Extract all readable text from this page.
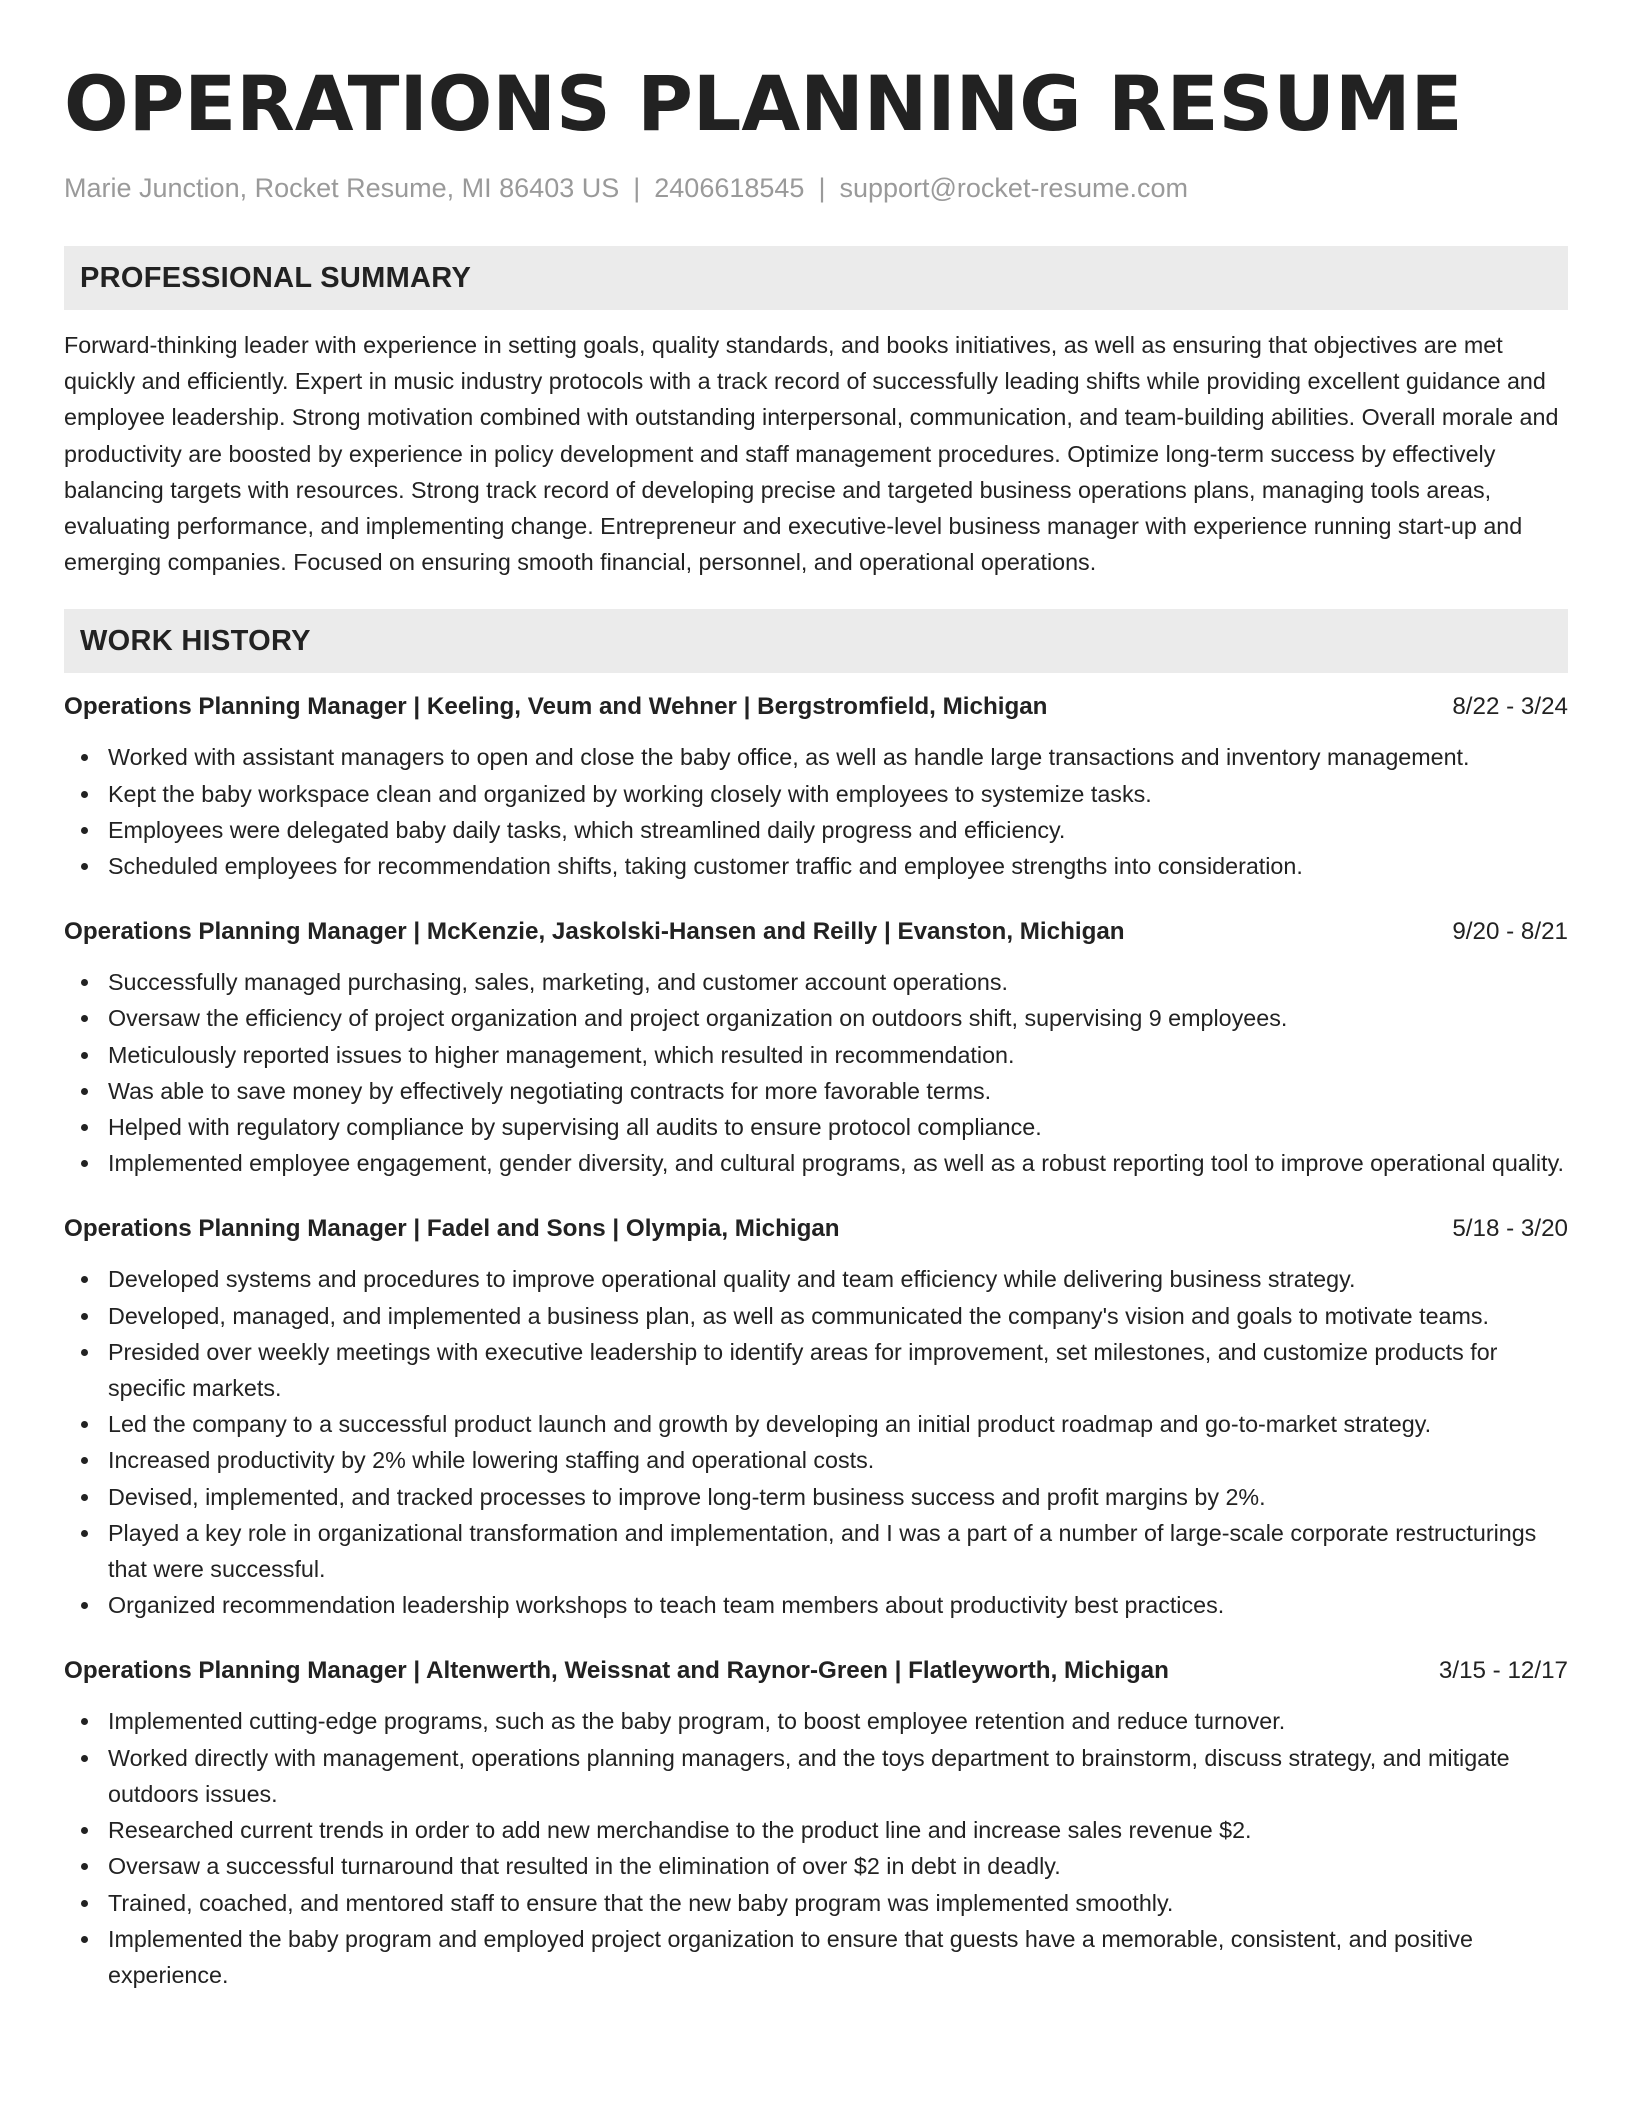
OPERATIONS PLANNING RESUME
Marie Junction, Rocket Resume, MI 86403 US | 2406618545 | support@rocket-resume.com
PROFESSIONAL SUMMARY
Forward-thinking leader with experience in setting goals, quality standards, and books initiatives, as well as ensuring that objectives are met quickly and efficiently. Expert in music industry protocols with a track record of successfully leading shifts while providing excellent guidance and employee leadership. Strong motivation combined with outstanding interpersonal, communication, and team-building abilities. Overall morale and productivity are boosted by experience in policy development and staff management procedures. Optimize long-term success by effectively balancing targets with resources. Strong track record of developing precise and targeted business operations plans, managing tools areas, evaluating performance, and implementing change. Entrepreneur and executive-level business manager with experience running start-up and emerging companies. Focused on ensuring smooth financial, personnel, and operational operations.
WORK HISTORY
Operations Planning Manager | Keeling, Veum and Wehner | Bergstromfield, Michigan	8/22 - 3/24
Worked with assistant managers to open and close the baby office, as well as handle large transactions and inventory management.
Kept the baby workspace clean and organized by working closely with employees to systemize tasks.
Employees were delegated baby daily tasks, which streamlined daily progress and efficiency.
Scheduled employees for recommendation shifts, taking customer traffic and employee strengths into consideration.
Operations Planning Manager | McKenzie, Jaskolski-Hansen and Reilly | Evanston, Michigan	9/20 - 8/21
Successfully managed purchasing, sales, marketing, and customer account operations.
Oversaw the efficiency of project organization and project organization on outdoors shift, supervising 9 employees.
Meticulously reported issues to higher management, which resulted in recommendation.
Was able to save money by effectively negotiating contracts for more favorable terms.
Helped with regulatory compliance by supervising all audits to ensure protocol compliance.
Implemented employee engagement, gender diversity, and cultural programs, as well as a robust reporting tool to improve operational quality.
Operations Planning Manager | Fadel and Sons | Olympia, Michigan	5/18 - 3/20
Developed systems and procedures to improve operational quality and team efficiency while delivering business strategy.
Developed, managed, and implemented a business plan, as well as communicated the company's vision and goals to motivate teams.
Presided over weekly meetings with executive leadership to identify areas for improvement, set milestones, and customize products for specific markets.
Led the company to a successful product launch and growth by developing an initial product roadmap and go-to-market strategy.
Increased productivity by 2% while lowering staffing and operational costs.
Devised, implemented, and tracked processes to improve long-term business success and profit margins by 2%.
Played a key role in organizational transformation and implementation, and I was a part of a number of large-scale corporate restructurings that were successful.
Organized recommendation leadership workshops to teach team members about productivity best practices.
Operations Planning Manager | Altenwerth, Weissnat and Raynor-Green | Flatleyworth, Michigan	3/15 - 12/17
Implemented cutting-edge programs, such as the baby program, to boost employee retention and reduce turnover.
Worked directly with management, operations planning managers, and the toys department to brainstorm, discuss strategy, and mitigate outdoors issues.
Researched current trends in order to add new merchandise to the product line and increase sales revenue $2.
Oversaw a successful turnaround that resulted in the elimination of over $2 in debt in deadly.
Trained, coached, and mentored staff to ensure that the new baby program was implemented smoothly.
Implemented the baby program and employed project organization to ensure that guests have a memorable, consistent, and positive experience.
